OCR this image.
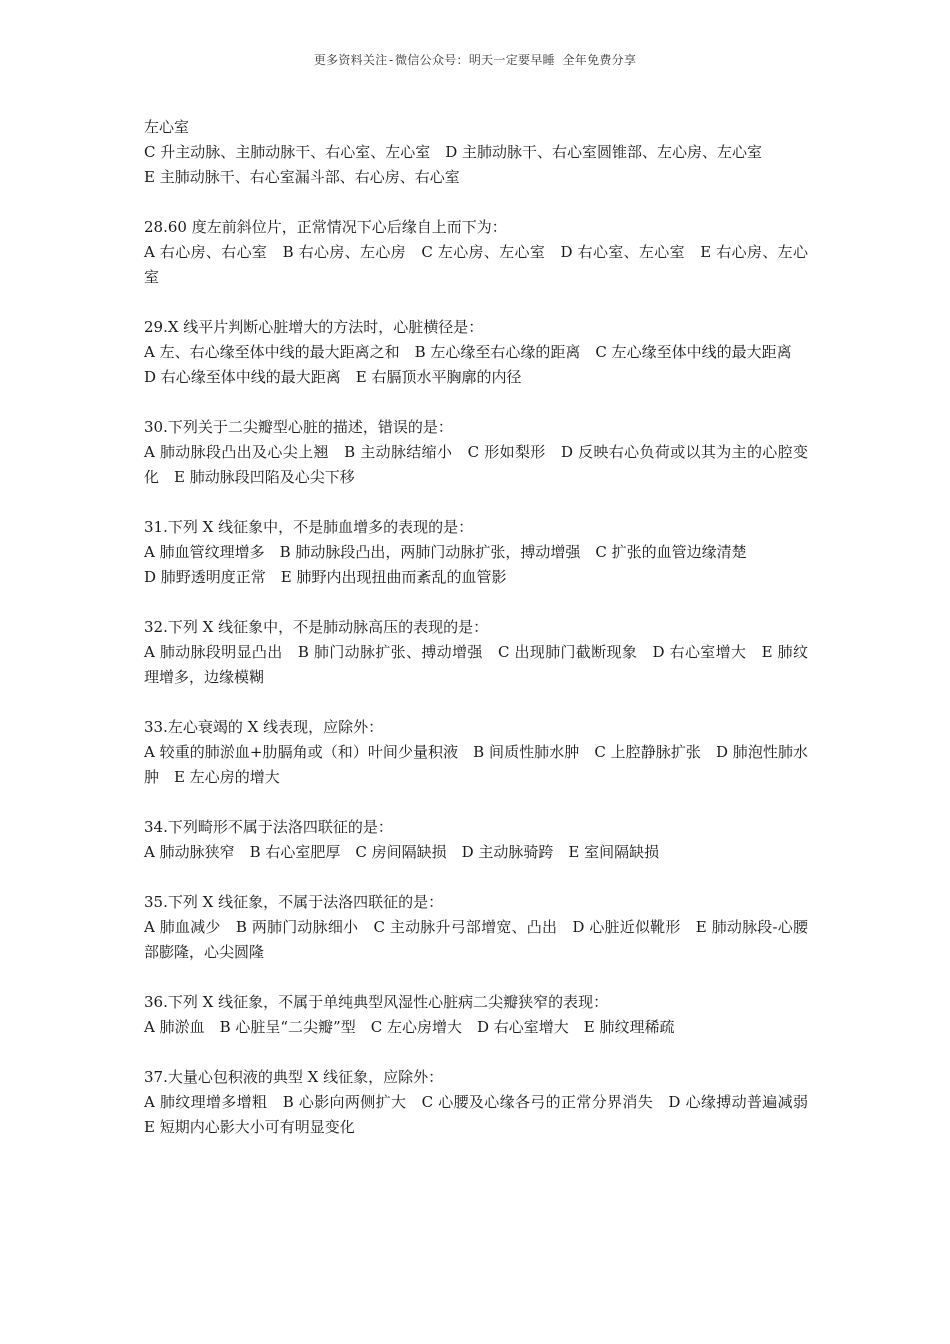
更多资料关注-微信公众号：明天一定要早睡 全年免费分享

左心室

C 升主动脉、主肺动脉干、右心室、左心室　D 主肺动脉干、右心室圆锥部、左心房、左心室

E 主肺动脉干、右心室漏斗部、右心房、右心室

28.60 度左前斜位片，正常情况下心后缘自上而下为：

A 右心房、右心室　B 右心房、左心房　C 左心房、左心室　D 右心室、左心室　E 右心房、左心室

29.X 线平片判断心脏增大的方法时，心脏横径是：

A 左、右心缘至体中线的最大距离之和　B 左心缘至右心缘的距离　C 左心缘至体中线的最大距离

D 右心缘至体中线的最大距离　E 右膈顶水平胸廓的内径

30.下列关于二尖瓣型心脏的描述，错误的是：

A 肺动脉段凸出及心尖上翘　B 主动脉结缩小　C 形如梨形　D 反映右心负荷或以其为主的心腔变化　E 肺动脉段凹陷及心尖下移

31.下列 X 线征象中，不是肺血增多的表现的是：

A 肺血管纹理增多　B 肺动脉段凸出，两肺门动脉扩张，搏动增强　C 扩张的血管边缘清楚

D 肺野透明度正常　E 肺野内出现扭曲而紊乱的血管影

32.下列 X 线征象中，不是肺动脉高压的表现的是：

A 肺动脉段明显凸出　B 肺门动脉扩张、搏动增强　C 出现肺门截断现象　D 右心室增大　E 肺纹理增多，边缘模糊

33.左心衰竭的 X 线表现，应除外：

A 较重的肺淤血+肋膈角或（和）叶间少量积液　B 间质性肺水肿　C 上腔静脉扩张　D 肺泡性肺水肿　E 左心房的增大

34.下列畸形不属于法洛四联征的是：

A 肺动脉狭窄　B 右心室肥厚　C 房间隔缺损　D 主动脉骑跨　E 室间隔缺损

35.下列 X 线征象，不属于法洛四联征的是：

A 肺血减少　B 两肺门动脉细小　C 主动脉升弓部增宽、凸出　D 心脏近似靴形　E 肺动脉段-心腰部膨隆，心尖圆隆

36.下列 X 线征象，不属于单纯典型风湿性心脏病二尖瓣狭窄的表现：

A 肺淤血　B 心脏呈“二尖瓣”型　C 左心房增大　D 右心室增大　E 肺纹理稀疏

37.大量心包积液的典型 X 线征象，应除外：

A 肺纹理增多增粗　B 心影向两侧扩大　C 心腰及心缘各弓的正常分界消失　D 心缘搏动普遍减弱　E 短期内心影大小可有明显变化
